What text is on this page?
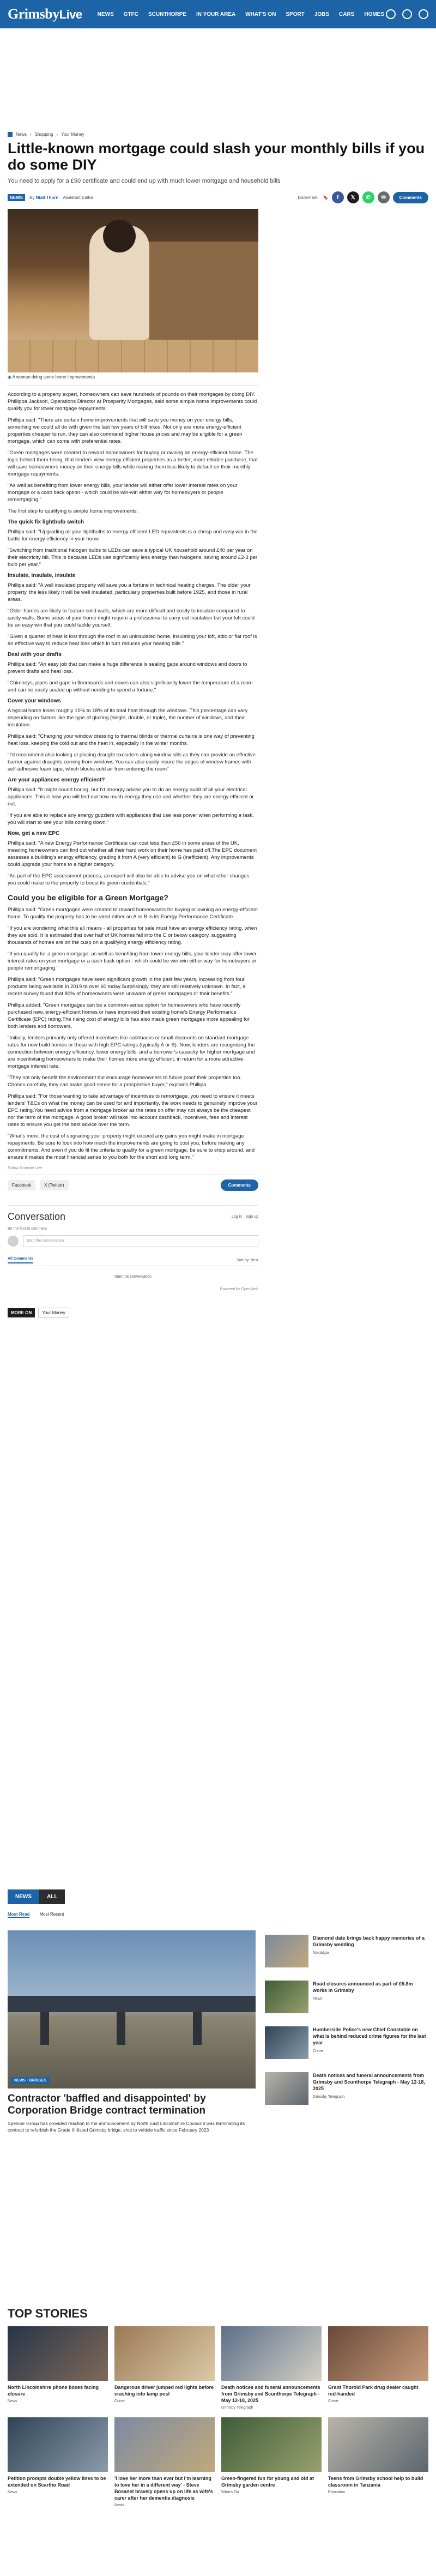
GrimsbyLive	NEWS GTFC SCUNTHORPE IN YOUR AREA WHAT'S ON SPORT JOBS CARS HOMES
News › Shopping › Your Money
Little-known mortgage could slash your monthly bills if you do some DIY
You need to apply for a £50 certificate and could end up with much lower mortgage and household bills
NEWS	By Niall Thorn Assistant Editor	Bookmark 🔖	f	𝕏	✆	✉	Comments
◉ A woman doing some home improvements

According to a property expert, homeowners can save hundreds of pounds on their mortgages by doing DIY. Phillippa Jackson, Operations Director at Prosperity Mortgages, said some simple home improvements could qualify you for lower mortgage repayments.

Phillipa said: "There are certain home improvements that will save you money on your energy bills, something we could all do with given the last few years of bill hikes. Not only are more energy-efficient properties cheaper to run, they can also command higher house prices and may be eligible for a green mortgage, which can come with preferential rates.

"Green mortgages were created to reward homeowners for buying or owning an energy-efficient home. The logic behind them being, that lenders view energy efficient properties as a better, more reliable purchase, that will save homeowners money on their energy bills while making them less likely to default on their monthly mortgage repayments.

"As well as benefiting from lower energy bills, your lender will either offer lower interest rates on your mortgage or a cash back option - which could be win-win either way for homebuyers or people remortgaging."

The first step to qualifying is simple home improvements:

The quick fix lightbulb switch

Phillipa said: "Upgrading all your lightbulbs to energy efficient LED equivalents is a cheap and easy win in the battle for energy efficiency in your home.

"Switching from traditional halogen bulbs to LEDs can save a typical UK household around £40 per year on their electricity bill. This is because LEDs use significantly less energy than halogens, saving around £2-3 per bulb per year."

Insulate, insulate, insulate

Phillipa said: "A well insulated property will save you a fortune in technical heating charges. The older your property, the less likely it will be well insulated, particularly properties built before 1925, and those in rural areas.

"Older homes are likely to feature solid walls, which are more difficult and costly to insulate compared to cavity walls. Some areas of your home might require a professional to carry out insulation but your loft could be an easy win that you could tackle yourself.

"Given a quarter of heat is lost through the roof in an uninsulated home, insulating your loft, attic or flat roof is an effective way to reduce heat loss which in turn reduces your heating bills."

Deal with your drafts

Phillipa said: "An easy job that can make a huge difference is sealing gaps around windows and doors to prevent drafts and heat loss.

"Chimneys, pipes and gaps in floorboards and eaves can also significantly lower the temperature of a room and can be easily sealed up without needing to spend a fortune."

Cover your windows

A typical home loses roughly 10% to 18% of its total heat through the windows. This percentage can vary depending on factors like the type of glazing (single, double, or triple), the number of windows, and their insulation.

Phillipa said: "Changing your window dressing to thermal blinds or thermal curtains is one way of preventing heat loss, keeping the cold out and the heat in, especially in the winter months.

"I'd recommend also looking at placing draught excluders along window sills as they can provide an effective barrier against draughts coming from windows.You can also easily insure the edges of window frames with self-adhesive foam tape, which blocks cold air from entering the room"

Are your appliances energy efficient?

Phillipa said: "It might sound boring, but I'd strongly advise you to do an energy audit of all your electrical appliances. This is how you will find out how much energy they use and whether they are energy efficient or not.

"If you are able to replace any energy guzzlers with appliances that use less power when performing a task, you will start to see your bills coming down."

Now, get a new EPC

Phillipa said: "A new Energy Performance Certificate can cost less than £50 in some areas of the UK, meaning homeowners can find out whether all their hard work on their home has paid off.The EPC document assesses a building's energy efficiency, grading it from A (very efficient) to G (inefficient). Any improvements could upgrade your home to a higher category.

"As part of the EPC assessment process, an expert will also be able to advise you on what other changes you could make to the property to boost its green credentials."

Could you be eligible for a Green Mortgage?

Phillipa said: "Green mortgages were created to reward homeowners for buying or owning an energy-efficient home. To qualify the property has to be rated either an A or B in its Energy Performance Certificate.

"If you are wondering what this all means - all properties for sale must have an energy efficiency rating, when they are sold. It is estimated that over half of UK homes fall into the C or below category, suggesting thousands of homes are on the cusp on a qualifying energy efficiency rating.

"If you qualify for a green mortgage, as well as benefiting from lower energy bills, your lender may offer lower interest rates on your mortgage or a cash back option - which could be win-win either way for homebuyers or people remortgaging."

Phillipa said: "Green mortgages have seen significant growth in the past few years, increasing from four products being available in 2019 to over 60 today.Surprisingly, they are still relatively unknown. In fact, a recent survey found that 80% of homeowners were unaware of green mortgages or their benefits."

Phillipa added: "Green mortgages can be a common-sense option for homeowners who have recently purchased new, energy-efficient homes or have improved their existing home's Energy Performance Certificate (EPC) rating.The rising cost of energy bills has also made green mortgages more appealing for both lenders and borrowers.

"Initially, lenders primarily only offered incentives like cashbacks or small discounts on standard mortgage rates for new build homes or those with high EPC ratings (typically A or B). Now, lenders are recognising the connection between energy efficiency, lower energy bills, and a borrower's capacity for higher mortgage and are incentivising homeowners to make their homes more energy efficient, in return for a more attractive mortgage interest rate.

"They not only benefit the environment but encourage homeowners to future proof their properties too. Chosen carefully, they can make good sense for a prospective buyer," explains Phillipa.

Phillipa said: "For those wanting to take advantage of incentives to remortgage, you need to ensure it meets lenders' T&Cs on what the money can be used for and importantly, the work needs to genuinely improve your EPC rating.You need advice from a mortgage broker as the rates on offer may not always be the cheapest nor the term of the mortgage. A good broker will take into account cashback, incentives, fees and interest rates to ensure you get the best advice over the term.

"What's more, the cost of upgrading your property might exceed any gains you might make in mortgage repayments. Be sure to look into how much the improvements are going to cost you, before making any commitments. And even if you do fit the criteria to qualify for a green mortgage, be sure to shop around, and ensure it makes the most financial sense to you both for the short and long term."

Follow Grimsby Live
Facebook	X (Twitter)	Comments
Conversation	Log in · Sign up
Be the first to comment
Start the conversation
All Comments	Sort by: Best
Start the conversation
Powered by OpenWeb
MORE ON	Your Money
NEWS	ALL
Most Read Most Recent
NEWS · BRIDGES
Contractor 'baffled and disappointed' by Corporation Bridge contract termination

Spencer Group has provided reaction to the announcement by North East Lincolnshire Council it was terminating its contract to refurbish the Grade III-listed Grimsby bridge, shut to vehicle traffic since February 2023

Diamond date brings back happy memories of a Grimsby wedding
Nostalgia
Road closures announced as part of £5.8m works in Grimsby
News
Humberside Police's new Chief Constable on what is behind reduced crime figures for the last year
Crime
Death notices and funeral announcements from Grimsby and Scunthorpe Telegraph - May 12-18, 2025
Grimsby Telegraph
TOP STORIES
North Lincolnshire phone boxes facing closure
News
Dangerous driver jumped red lights before crashing into lamp post
Crime
Death notices and funeral announcements from Grimsby and Scunthorpe Telegraph - May 12-18, 2025
Grimsby Telegraph
Grant Thorold Park drug dealer caught red-handed
Crime
Petition prompts double yellow lines to be extended on Scartho Road
News
'I love her more than ever but I'm learning to love her in a different way' - Steve Bosanet bravely opens up on life as wife's carer after her dementia diagnosis
News
Green-fingered fun for young and old at Grimsby garden centre
What's On
Teens from Grimsby school help to build classroom in Tanzania
Education
